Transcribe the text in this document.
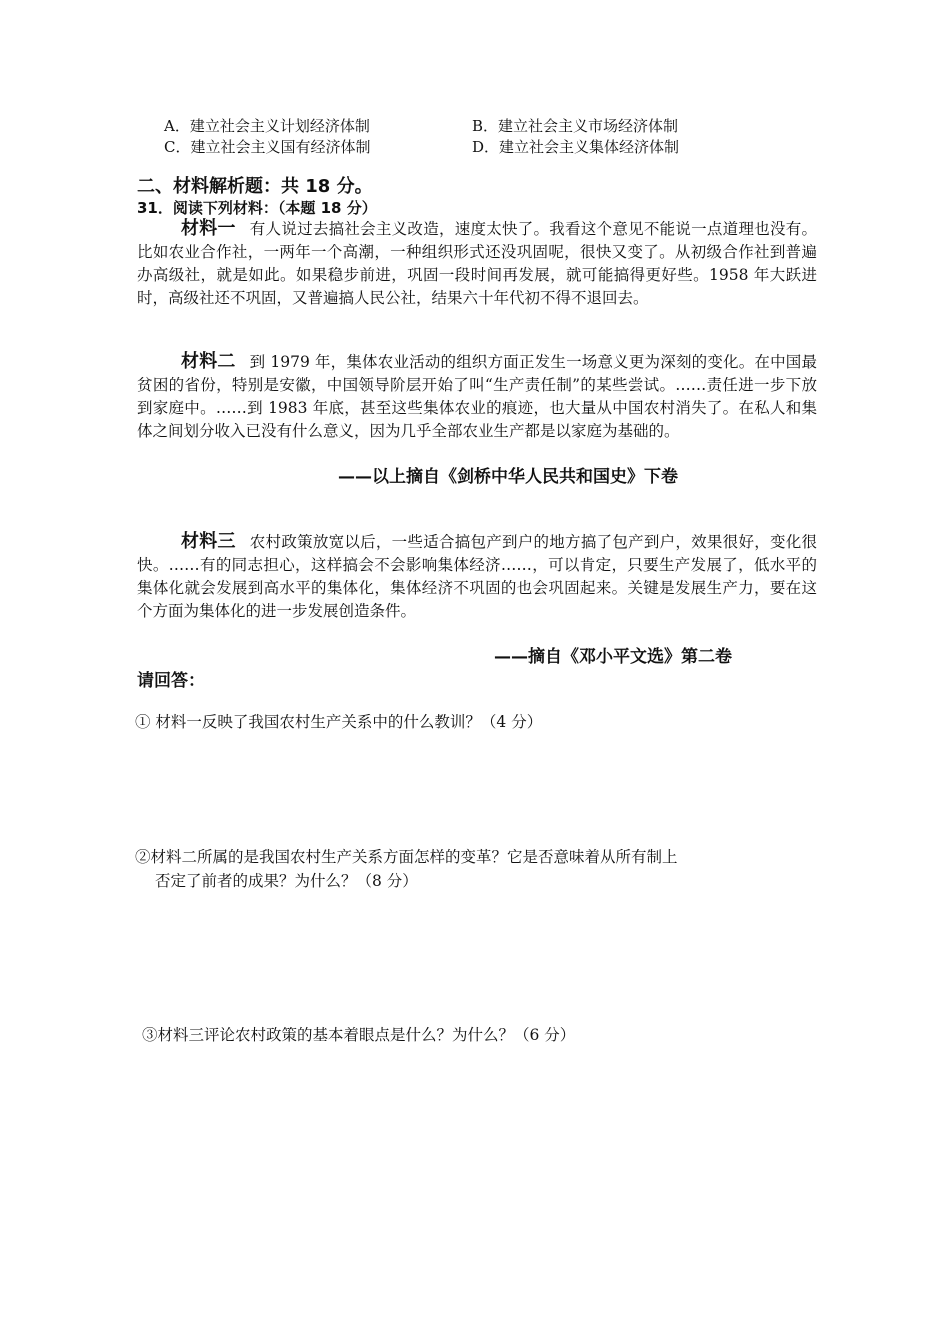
A．建立社会主义计划经济体制	B．建立社会主义市场经济体制
C．建立社会主义国有经济体制	D．建立社会主义集体经济体制
二、材料解析题：共 18 分。
31．阅读下列材料：（本题 18 分）
材料一 有人说过去搞社会主义改造，速度太快了。我看这个意见不能说一点道理也没有。比如农业合作社，一两年一个高潮，一种组织形式还没巩固呢，很快又变了。从初级合作社到普遍办高级社，就是如此。如果稳步前进，巩固一段时间再发展，就可能搞得更好些。1958 年大跃进时，高级社还不巩固，又普遍搞人民公社，结果六十年代初不得不退回去。
材料二 到 1979 年，集体农业活动的组织方面正发生一场意义更为深刻的变化。在中国最贫困的省份，特别是安徽，中国领导阶层开始了叫“生产责任制”的某些尝试。……责任进一步下放到家庭中。……到 1983 年底，甚至这些集体农业的痕迹，也大量从中国农村消失了。在私人和集体之间划分收入已没有什么意义，因为几乎全部农业生产都是以家庭为基础的。
——以上摘自《剑桥中华人民共和国史》下卷
材料三 农村政策放宽以后，一些适合搞包产到户的地方搞了包产到户，效果很好，变化很快。……有的同志担心，这样搞会不会影响集体经济……，可以肯定，只要生产发展了，低水平的集体化就会发展到高水平的集体化，集体经济不巩固的也会巩固起来。关键是发展生产力，要在这个方面为集体化的进一步发展创造条件。
——摘自《邓小平文选》第二卷
请回答：
① 材料一反映了我国农村生产关系中的什么教训？（4 分）
②材料二所属的是我国农村生产关系方面怎样的变革？它是否意味着从所有制上
否定了前者的成果？为什么？（8 分）
③材料三评论农村政策的基本着眼点是什么？为什么？（6 分）
